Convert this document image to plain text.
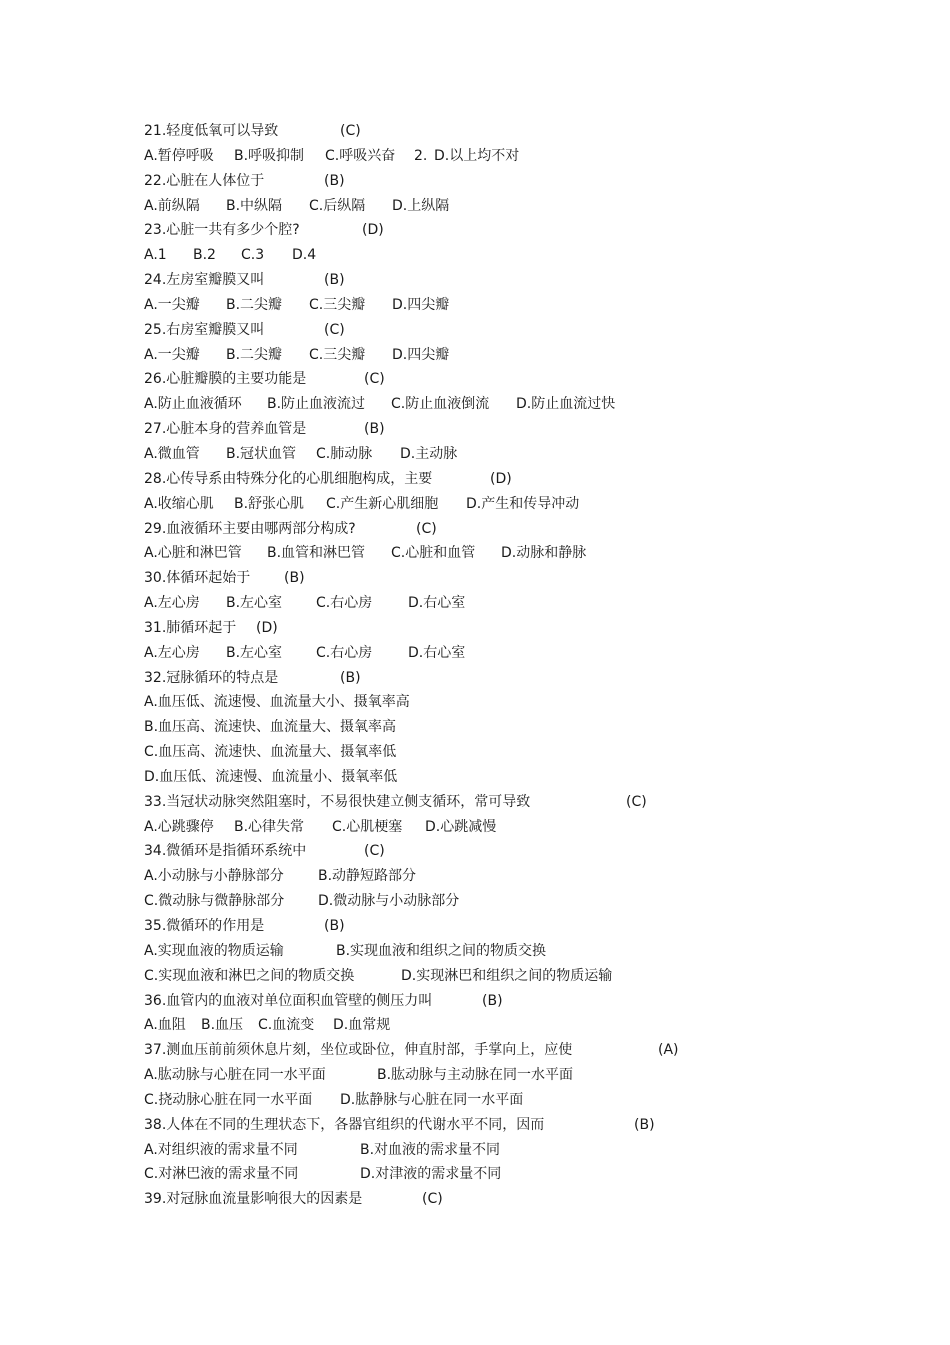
21.轻度低氧可以导致	(C)
A.暂停呼吸 B.呼吸抑制 C.呼吸兴奋 2. D.以上均不对
22.心脏在人体位于	(B)
A.前纵隔 B.中纵隔 C.后纵隔 D.上纵隔
23.心脏一共有多少个腔?	(D)
A.1 B.2 C.3 D.4
24.左房室瓣膜又叫	(B)
A.一尖瓣 B.二尖瓣 C.三尖瓣 D.四尖瓣
25.右房室瓣膜又叫	(C)
A.一尖瓣 B.二尖瓣 C.三尖瓣 D.四尖瓣
26.心脏瓣膜的主要功能是	(C)
A.防止血液循环 B.防止血液流过 C.防止血液倒流 D.防止血流过快
27.心脏本身的营养血管是	(B)
A.微血管 B.冠状血管 C.肺动脉 D.主动脉
28.心传导系由特殊分化的心肌细胞构成，主要	(D)
A.收缩心肌 B.舒张心肌 C.产生新心肌细胞 D.产生和传导冲动
29.血液循环主要由哪两部分构成?	(C)
A.心脏和淋巴管 B.血管和淋巴管 C.心脏和血管 D.动脉和静脉
30.体循环起始于 (B)
A.左心房 B.左心室 C.右心房	D.右心室
31.肺循环起于 (D)
A.左心房 B.左心室 C.右心房	D.右心室
32.冠脉循环的特点是	(B)
A.血压低、流速慢、血流量大小、摄氧率高
B.血压高、流速快、血流量大、摄氧率高
C.血压高、流速快、血流量大、摄氧率低
D.血压低、流速慢、血流量小、摄氧率低
33.当冠状动脉突然阻塞时，不易很快建立侧支循环，常可导致	(C)
A.心跳骤停 B.心律失常 C.心肌梗塞 D.心跳减慢
34.微循环是指循环系统中	(C)
A.小动脉与小静脉部分 B.动静短路部分
C.微动脉与微静脉部分 D.微动脉与小动脉部分
35.微循环的作用是	(B)
A.实现血液的物质运输	B.实现血液和组织之间的物质交换
C.实现血液和淋巴之间的物质交换	D.实现淋巴和组织之间的物质运输
36.血管内的血液对单位面积血管壁的侧压力叫	(B)
A.血阻 B.血压 C.血流变 D.血常规
37.测血压前前须休息片刻，坐位或卧位，伸直肘部，手掌向上，应使	(A)
A.肱动脉与心脏在同一水平面	B.肱动脉与主动脉在同一水平面
C.挠动脉心脏在同一水平面 D.肱静脉与心脏在同一水平面
38.人体在不同的生理状态下，各器官组织的代谢水平不同，因而	(B)
A.对组织液的需求量不同	B.对血液的需求量不同
C.对淋巴液的需求量不同	D.对津液的需求量不同
39.对冠脉血流量影响很大的因素是	(C)
